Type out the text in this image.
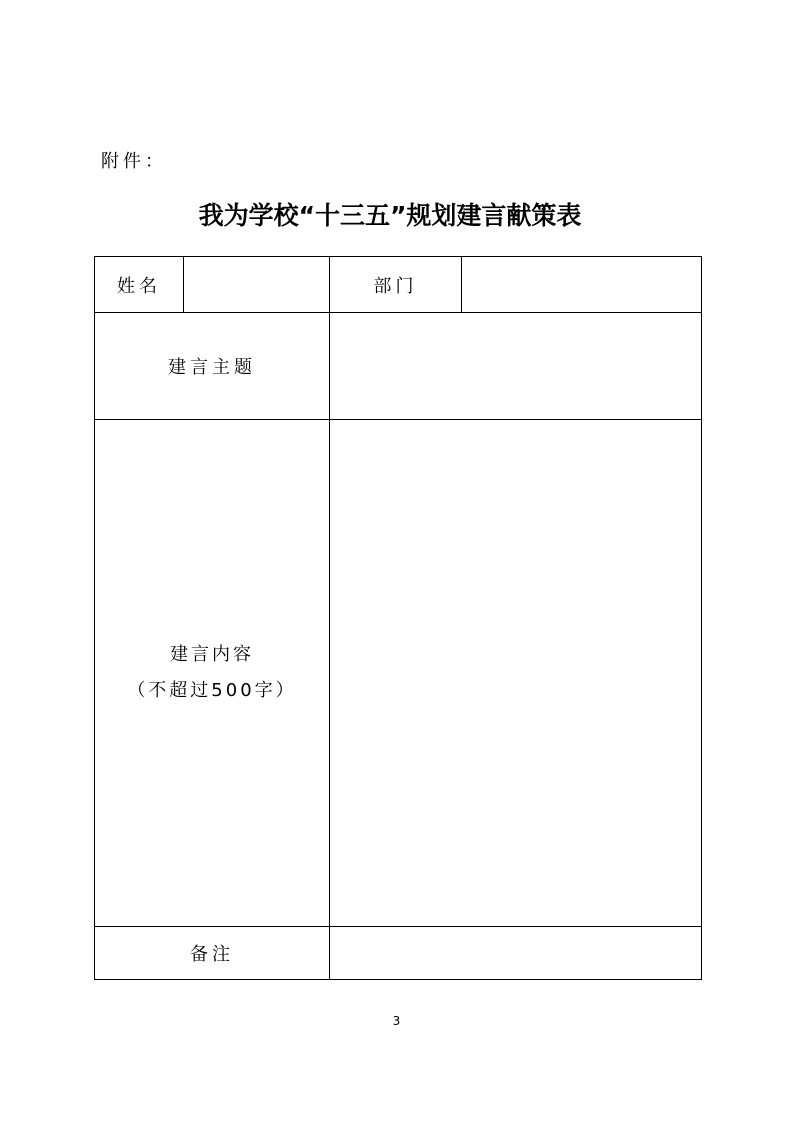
附件：
我为学校“十三五”规划建言献策表
姓名		部门	
建言主题			

建言内容
（不超过500字）			

备注			
3
